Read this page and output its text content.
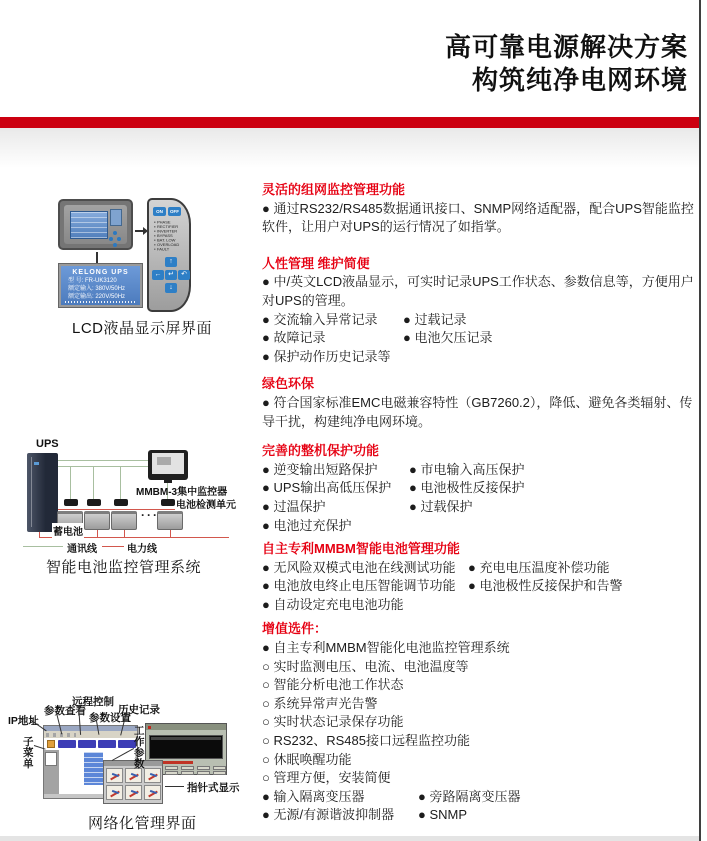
高可靠电源解决方案
构筑纯净电网环境
KELONG UPS
型 号: FR-UK3120
额定输入: 380V/50Hz
额定输出: 220V/50Hz
ON	OFF
PHASE
RECTIFIER
INVERTER
BYPASS
BAT. LOW
OVERLOAD
FAULT
↑
← ↵	↶
↓
LCD液晶显示屏界面
UPS
MMBM-3集中监控器
电池检测单元
···
蓄电池
通讯线	电力线
智能电池监控管理系统
IP地址
参数查看
远程控制
参数设置
历史记录
子菜单
工作参数
指针式显示
网络化管理界面
灵活的组网监控管理功能
● 通过RS232/RS485数据通讯接口、SNMP网络适配器，配合UPS智能监控软件，让用户对UPS的运行情况了如指掌。
人性管理 维护简便
● 中/英文LCD液晶显示，可实时记录UPS工作状态、参数信息等，方便用户对UPS的管理。
● 交流输入异常记录 ● 过载记录
● 故障记录	● 电池欠压记录
● 保护动作历史记录等
绿色环保
● 符合国家标准EMC电磁兼容特性（GB7260.2），降低、避免各类辐射、传导干扰，构建纯净电网环境。
完善的整机保护功能
● 逆变输出短路保护 ● 市电输入高压保护
● UPS输出高低压保护 ● 电池极性反接保护
● 过温保护	● 过载保护
● 电池过充保护
自主专利MMBM智能电池管理功能
● 无风险双模式电池在线测试功能 ● 充电电压温度补偿功能
● 电池放电终止电压智能调节功能 ● 电池极性反接保护和告警
● 自动设定充电电池功能
增值选件：
● 自主专利MMBM智能化电池监控管理系统
○ 实时监测电压、电流、电池温度等
○ 智能分析电池工作状态
○ 系统异常声光告警
○ 实时状态记录保存功能
○ RS232、RS485接口远程监控功能
○ 休眠唤醒功能
○ 管理方便，安装简便
● 输入隔离变压器	● 旁路隔离变压器
● 无源/有源谐波抑制器 ● SNMP
